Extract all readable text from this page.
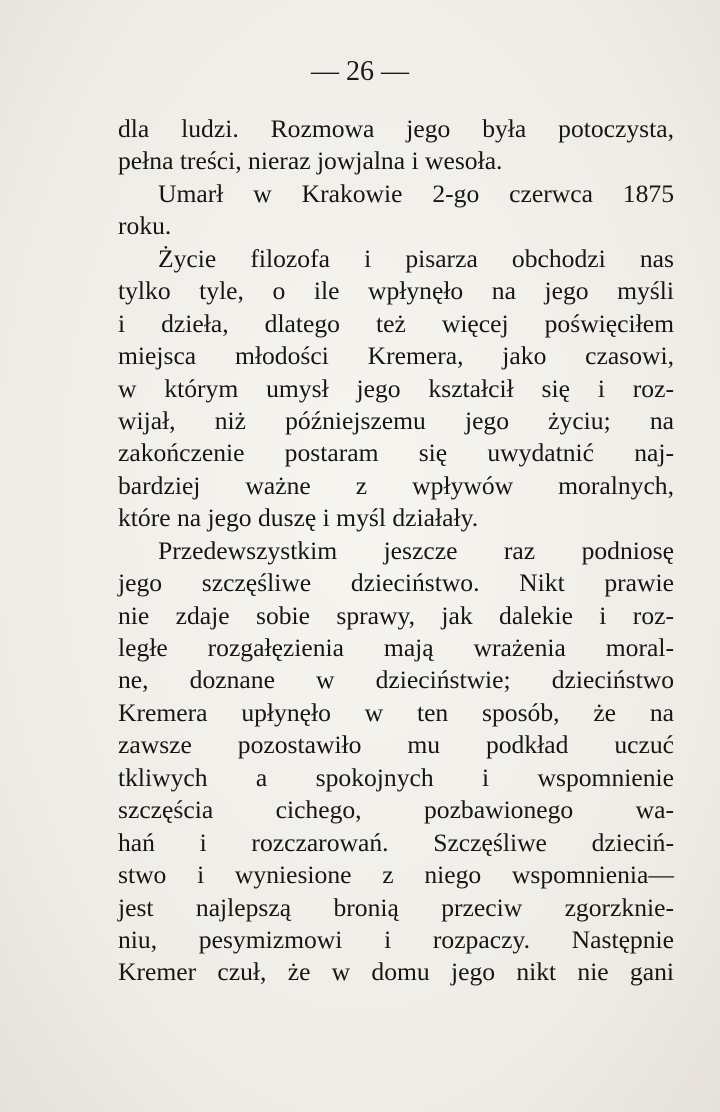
— 26 —
dla ludzi. Rozmowa jego była potoczysta,
pełna treści, nieraz jowjalna i wesoła.
Umarł w Krakowie 2-go czerwca 1875
roku.
Życie filozofa i pisarza obchodzi nas
tylko tyle, o ile wpłynęło na jego myśli
i dzieła, dlatego też więcej poświęciłem
miejsca młodości Kremera, jako czasowi,
w którym umysł jego kształcił się i roz-
wijał, niż późniejszemu jego życiu; na
zakończenie postaram się uwydatnić naj-
bardziej ważne z wpływów moralnych,
które na jego duszę i myśl działały.
Przedewszystkim jeszcze raz podniosę
jego szczęśliwe dzieciństwo. Nikt prawie
nie zdaje sobie sprawy, jak dalekie i roz-
ległe rozgałęzienia mają wrażenia moral-
ne, doznane w dzieciństwie; dzieciństwo
Kremera upłynęło w ten sposób, że na
zawsze pozostawiło mu podkład uczuć
tkliwych a spokojnych i wspomnienie
szczęścia cichego, pozbawionego wa-
hań i rozczarowań. Szczęśliwe dzieciń-
stwo i wyniesione z niego wspomnienia—
jest najlepszą bronią przeciw zgorzknie-
niu, pesymizmowi i rozpaczy. Następnie
Kremer czuł, że w domu jego nikt nie gani
